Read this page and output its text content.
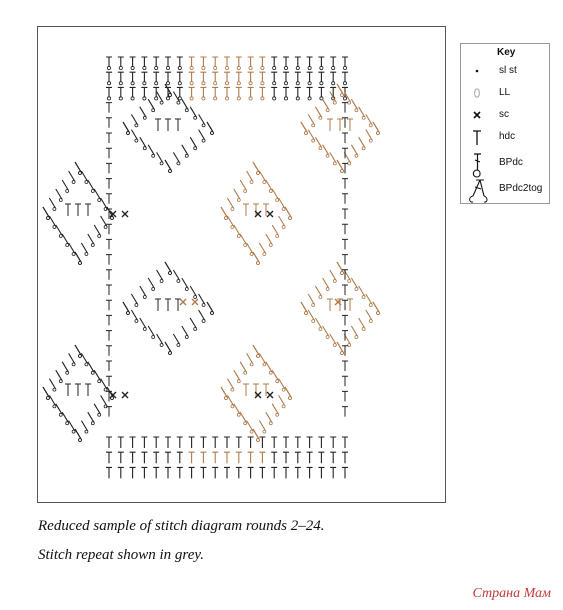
Key
sl st
LL
sc
hdc
BPdc
BPdc2tog
Reduced sample of stitch diagram rounds 2–24.
Stitch repeat shown in grey.
Страна Мам
